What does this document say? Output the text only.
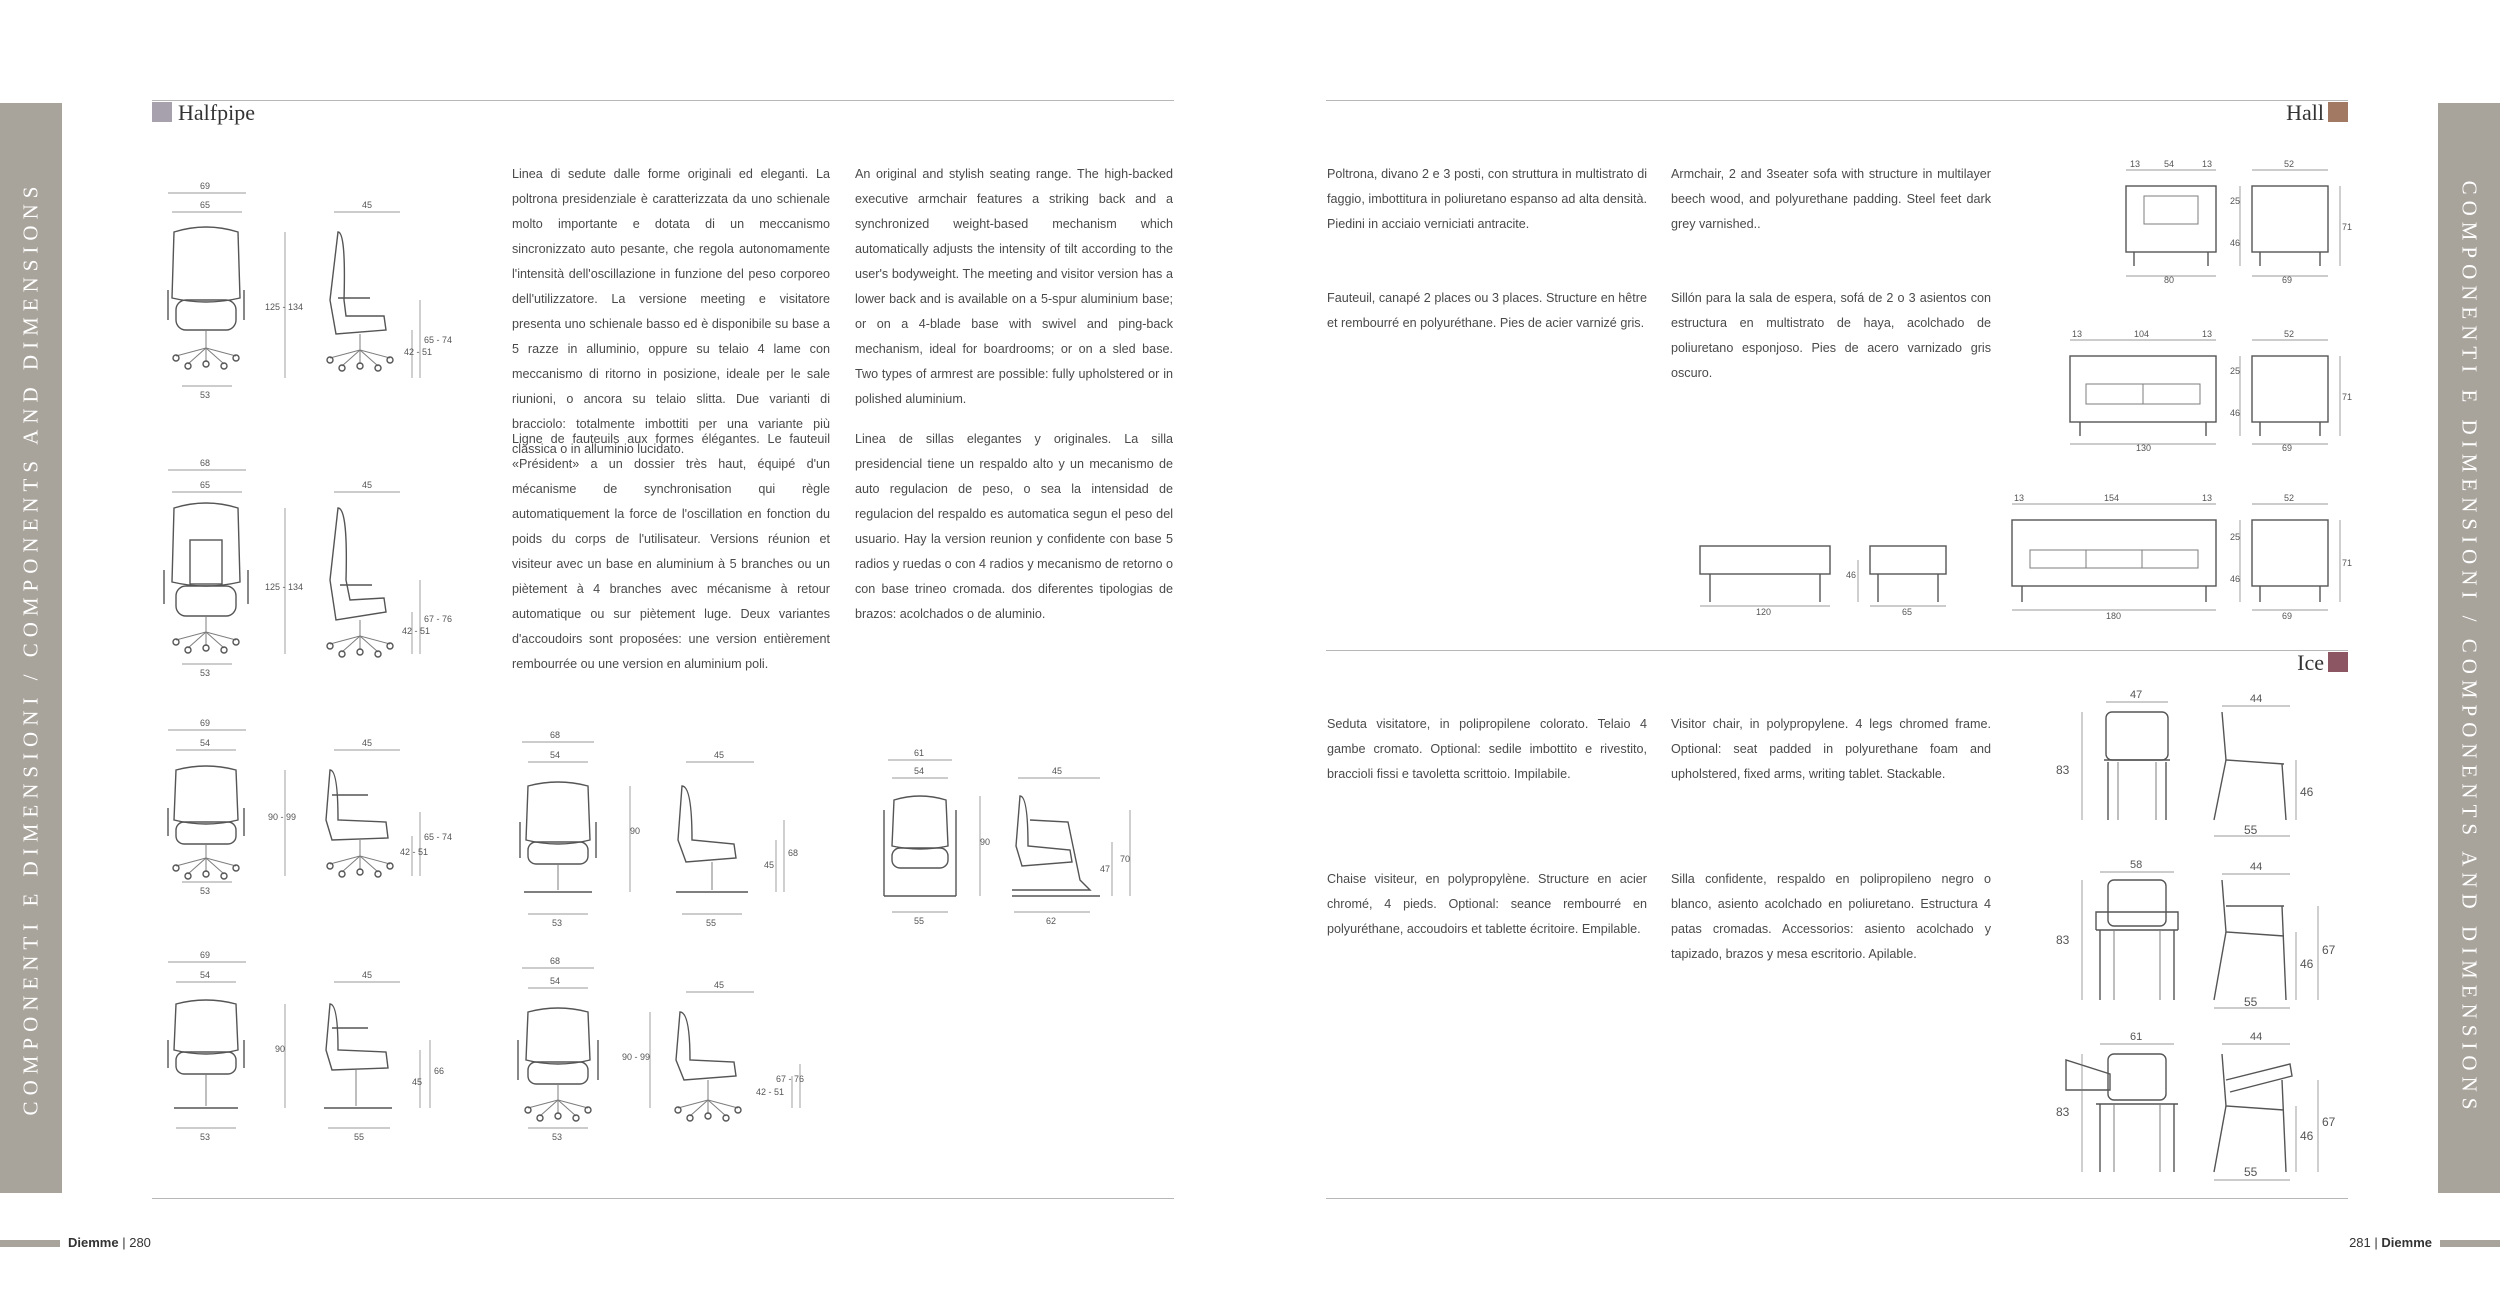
COMPONENTI E DIMENSIONI / COMPONENTS AND DIMENSIONS	COMPONENTI E DIMENSIONI / COMPONENTS AND DIMENSIONS
Halfpipe	Hall
Ice

Linea di sedute dalle forme originali ed eleganti. La poltrona presidenziale è caratterizzata da uno schienale molto importante e dotata di un meccanismo sincronizzato auto pesante, che regola autonomamente l'intensità dell'oscillazione in funzione del peso corporeo dell'utilizzatore. La versione meeting e visitatore presenta uno schienale basso ed è disponibile su base a 5 razze in alluminio, oppure su telaio 4 lame con meccanismo di ritorno in posizione, ideale per le sale riunioni, o ancora su telaio slitta. Due varianti di bracciolo: totalmente imbottiti per una variante più classica o in alluminio lucidato.

An original and stylish seating range. The high-backed executive armchair features a striking back and a synchronized weight-based mechanism which automatically adjusts the intensity of tilt according to the user's bodyweight. The meeting and visitor version has a lower back and is available on a 5-spur aluminium base; or on a 4-blade base with swivel and ping-back mechanism, ideal for boardrooms; or on a sled base. Two types of armrest are possible: fully upholstered or in polished aluminium.

Ligne de fauteuils aux formes élégantes. Le fauteuil «Président» a un dossier très haut, équipé d'un mécanisme de synchronisation qui règle automatiquement la force de l'oscillation en fonction du poids du corps de l'utilisateur. Versions réunion et visiteur avec un base en aluminium à 5 branches ou un piètement à 4 branches avec mécanisme à retour automatique ou sur piètement luge. Deux variantes d'accoudoirs sont proposées: une version entièrement rembourrée ou une version en aluminium poli.

Linea de sillas elegantes y originales. La silla presidencial tiene un respaldo alto y un mecanismo de auto regulacion de peso, o sea la intensidad de regulacion del respaldo es automatica segun el peso del usuario. Hay la version reunion y confidente con base 5 radios y ruedas o con 4 radios y mecanismo de retorno o con base trineo cromada. dos diferentes tipologias de brazos: acolchados o de aluminio.

Poltrona, divano 2 e 3 posti, con struttura in multistrato di faggio, imbottitura in poliuretano espanso ad alta densità. Piedini in acciaio verniciati antracite.

Armchair, 2 and 3seater sofa with structure in multilayer beech wood, and polyurethane padding. Steel feet dark grey varnished..

Fauteuil, canapé 2 places ou 3 places. Structure en hêtre et rembourré en polyuréthane. Pies de acier varnizé gris.

Sillón para la sala de espera, sofá de 2 o 3 asientos con estructura en multistrato de haya, acolchado de poliuretano esponjoso. Pies de acero varnizado gris oscuro.

Seduta visitatore, in polipropilene colorato. Telaio 4 gambe cromato. Optional: sedile imbottito e rivestito, braccioli fissi e tavoletta scrittoio. Impilabile.

Visitor chair, in polypropylene. 4 legs chromed frame. Optional: seat padded in polyurethane foam and upholstered, fixed arms, writing tablet. Stackable.

Chaise visiteur, en polypropylène. Structure en acier chromé, 4 pieds. Optional: seance rembourré en polyuréthane, accoudoirs et tablette écritoire. Empilable.

Silla confidente, respaldo en polipropileno negro o blanco, asiento acolchado en poliuretano. Estructura 4 patas cromadas. Accessorios: asiento acolchado y tapizado, brazos y mesa escritorio. Apilable.

69
65	45
125 - 134
65 - 74
42 - 51
53
68
65	45
125 - 134
67 - 76
42 - 51
53
69
54	45
90 - 99
65 - 74
42 - 51
53
68
54	45
90
68
45
53	55
61
54	45
90
70
47
55	62
69
54	45
90
66
45
53	55
68
54	45
90 - 99
67 - 76
42 - 51
53
13	54	13	52
25
46
71
80	69
13	104	13	52
25
46
71
130	69
46
120	65
13	154	13	52
25
46
71
180	69
47	44
83
46
55
58	44
83
46
67
55
61	44
83
46
67
55
Diemme | 280	281 | Diemme
